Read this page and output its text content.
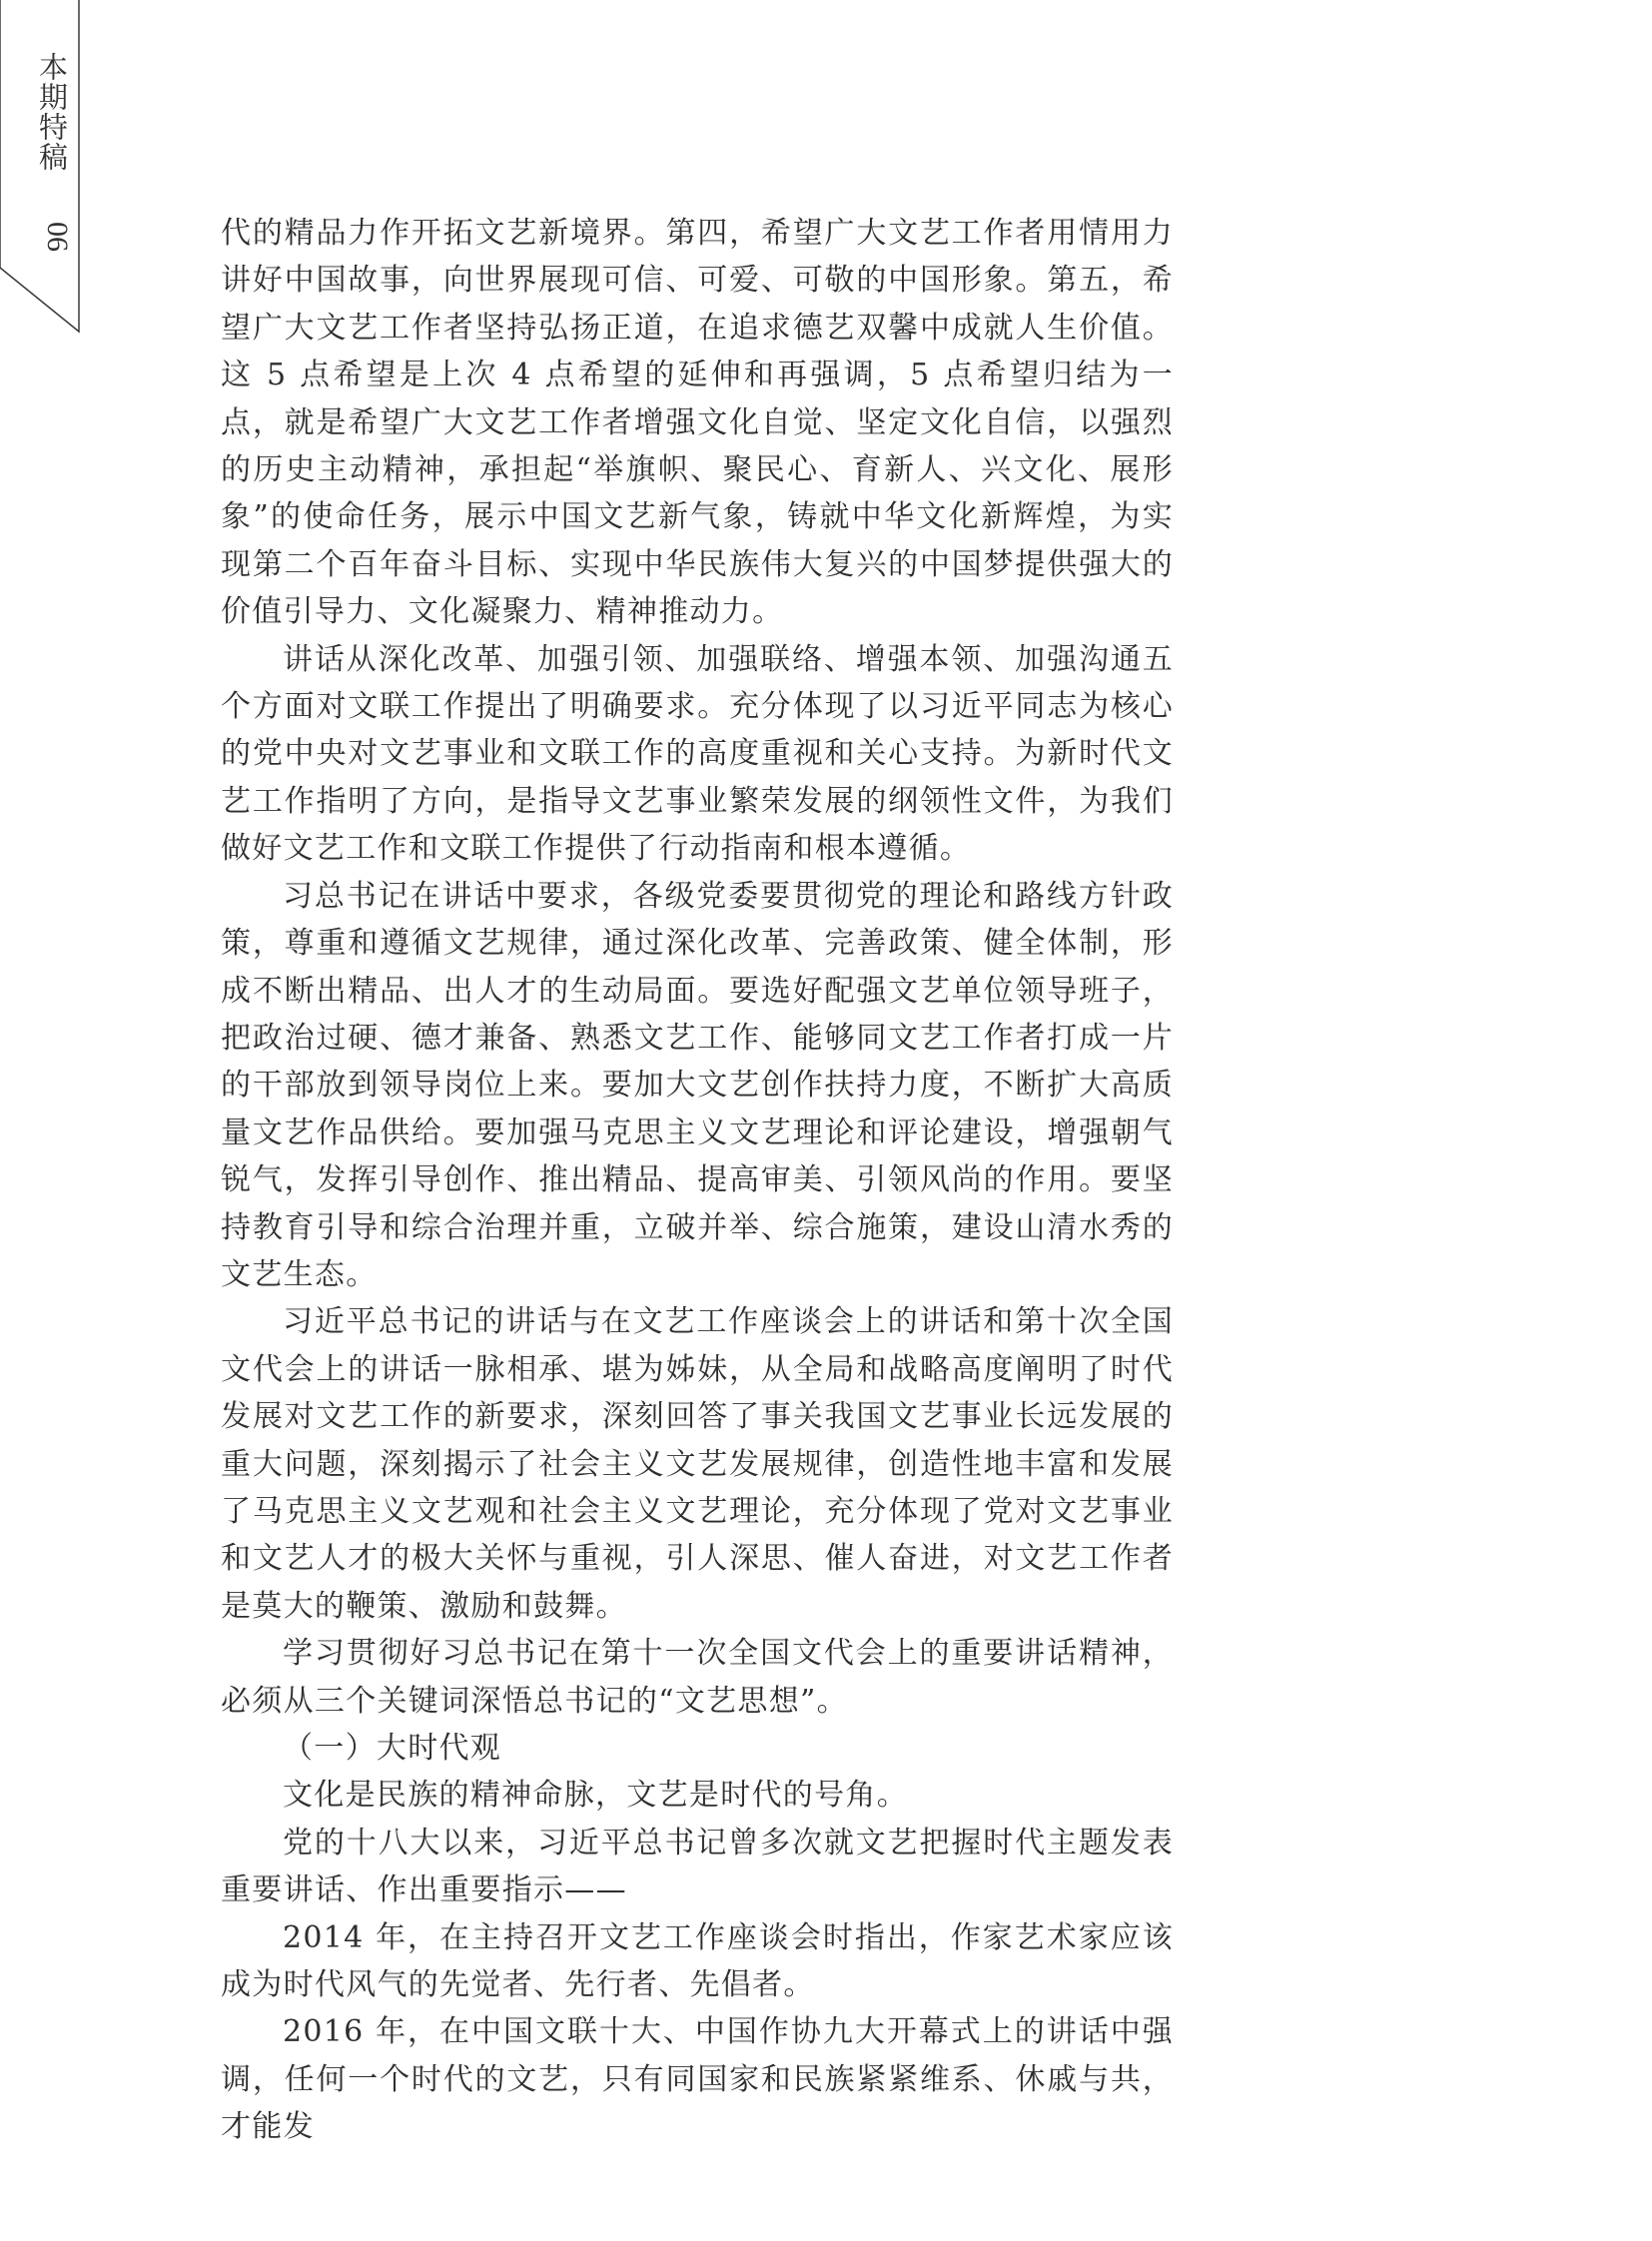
本期特稿
06	代的精品力作开拓文艺新境界。第四，希望广大文艺工作者用情用力讲好中国故事，向世界展现可信、可爱、可敬的中国形象。第五，希望广大文艺工作者坚持弘扬正道，在追求德艺双馨中成就人生价值。这 5 点希望是上次 4 点希望的延伸和再强调，5 点希望归结为一点，就是希望广大文艺工作者增强文化自觉、坚定文化自信，以强烈的历史主动精神，承担起“举旗帜、聚民心、育新人、兴文化、展形象”的使命任务，展示中国文艺新气象，铸就中华文化新辉煌，为实现第二个百年奋斗目标、实现中华民族伟大复兴的中国梦提供强大的价值引导力、文化凝聚力、精神推动力。

讲话从深化改革、加强引领、加强联络、增强本领、加强沟通五个方面对文联工作提出了明确要求。充分体现了以习近平同志为核心的党中央对文艺事业和文联工作的高度重视和关心支持。为新时代文艺工作指明了方向，是指导文艺事业繁荣发展的纲领性文件，为我们做好文艺工作和文联工作提供了行动指南和根本遵循。

习总书记在讲话中要求，各级党委要贯彻党的理论和路线方针政策，尊重和遵循文艺规律，通过深化改革、完善政策、健全体制，形成不断出精品、出人才的生动局面。要选好配强文艺单位领导班子，把政治过硬、德才兼备、熟悉文艺工作、能够同文艺工作者打成一片的干部放到领导岗位上来。要加大文艺创作扶持力度，不断扩大高质量文艺作品供给。要加强马克思主义文艺理论和评论建设，增强朝气锐气，发挥引导创作、推出精品、提高审美、引领风尚的作用。要坚持教育引导和综合治理并重，立破并举、综合施策，建设山清水秀的文艺生态。

习近平总书记的讲话与在文艺工作座谈会上的讲话和第十次全国文代会上的讲话一脉相承、堪为姊妹，从全局和战略高度阐明了时代发展对文艺工作的新要求，深刻回答了事关我国文艺事业长远发展的重大问题，深刻揭示了社会主义文艺发展规律，创造性地丰富和发展了马克思主义文艺观和社会主义文艺理论，充分体现了党对文艺事业和文艺人才的极大关怀与重视，引人深思、催人奋进，对文艺工作者是莫大的鞭策、激励和鼓舞。

学习贯彻好习总书记在第十一次全国文代会上的重要讲话精神，必须从三个关键词深悟总书记的“文艺思想”。

（一）大时代观

文化是民族的精神命脉，文艺是时代的号角。

党的十八大以来，习近平总书记曾多次就文艺把握时代主题发表重要讲话、作出重要指示——

2014 年，在主持召开文艺工作座谈会时指出，作家艺术家应该成为时代风气的先觉者、先行者、先倡者。

2016 年，在中国文联十大、中国作协九大开幕式上的讲话中强调，任何一个时代的文艺，只有同国家和民族紧紧维系、休戚与共，才能发
